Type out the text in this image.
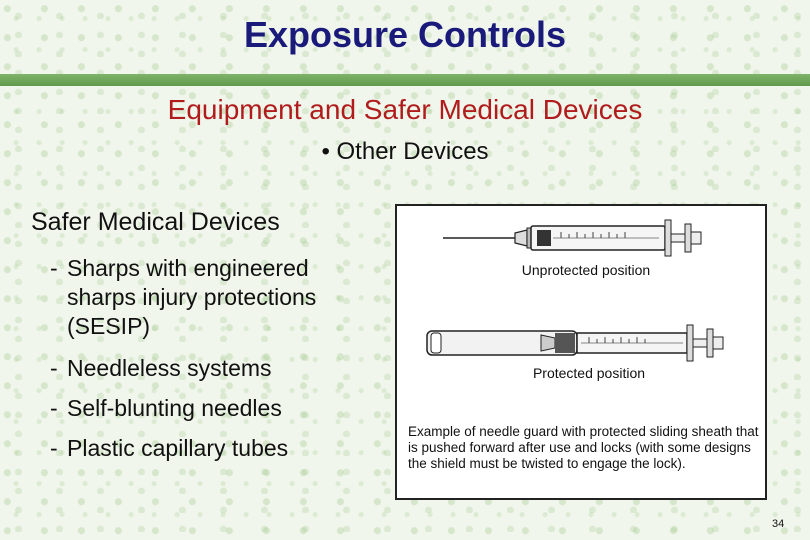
Exposure Controls
Equipment and Safer Medical Devices
• Other Devices
Safer Medical Devices
- Sharps with engineered sharps injury protections (SESIP)
- Needleless systems
- Self-blunting needles
- Plastic capillary tubes
Unprotected position
Protected position
Example of needle guard with protected sliding sheath that is pushed forward after use and locks (with some designs the shield must be twisted to engage the lock).
34
